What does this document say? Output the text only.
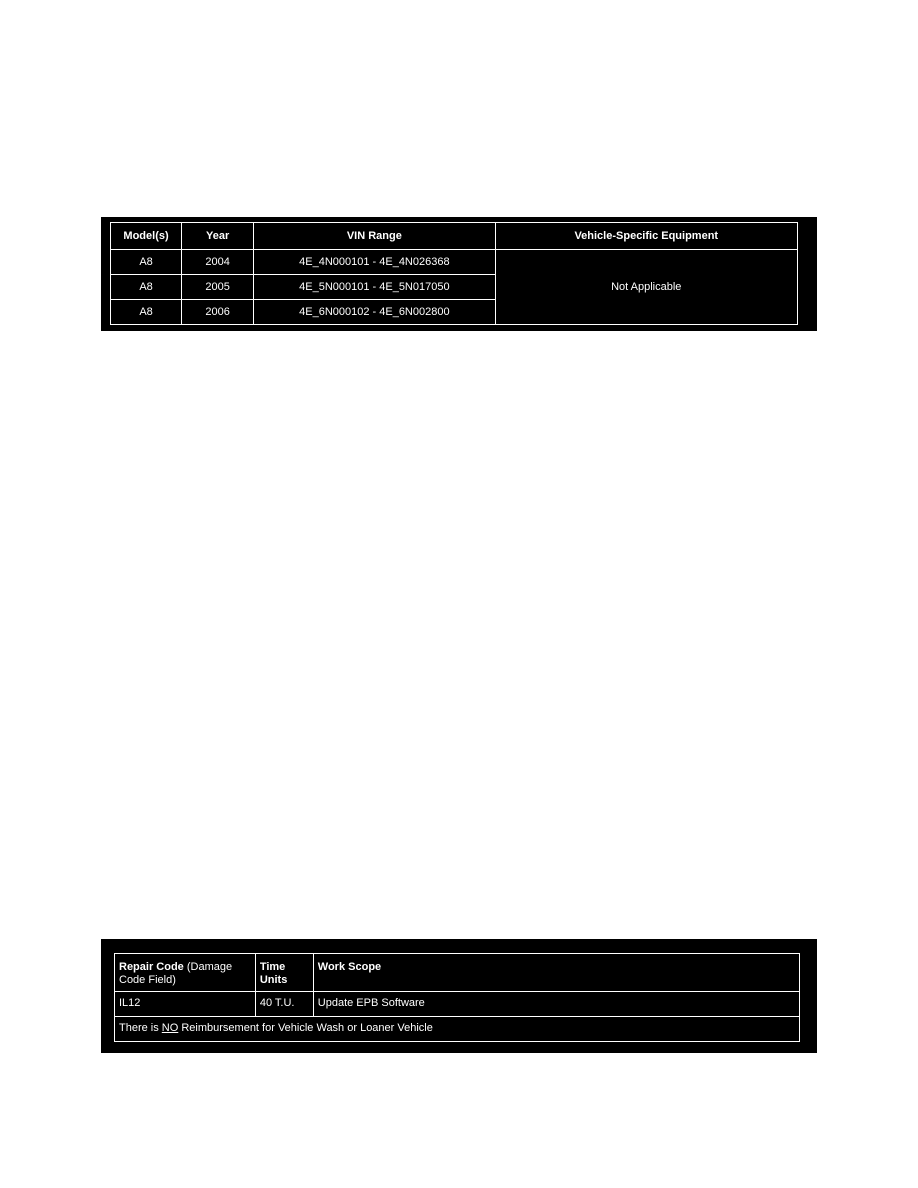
Model(s)	Year	VIN Range	Vehicle-Specific Equipment
A8	2004	4E_4N000101 - 4E_4N026368	Not Applicable
A8	2005	4E_5N000101 - 4E_5N017050	
A8	2006	4E_6N000102 - 4E_6N002800	
Repair Code (Damage Code Field)	Time Units	Work Scope
IL12	40 T.U.	Update EPB Software
There is NO Reimbursement for Vehicle Wash or Loaner Vehicle		
